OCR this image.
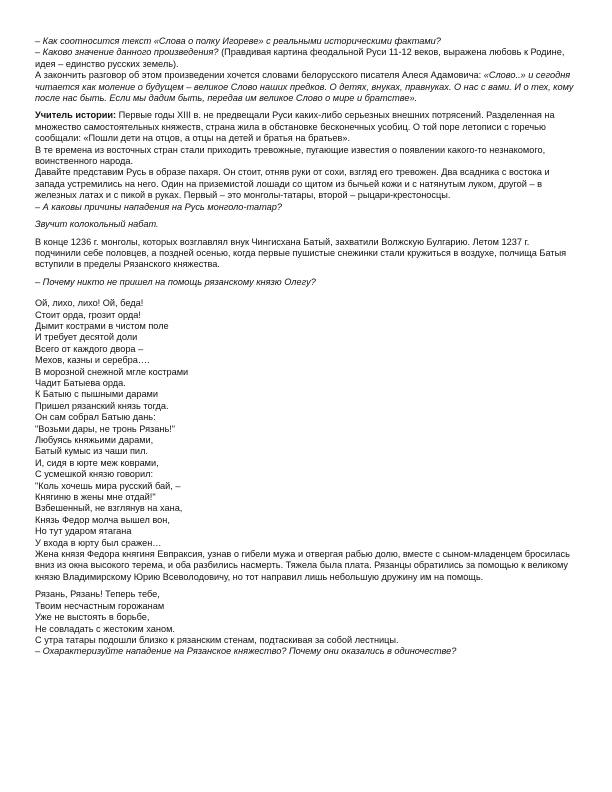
– Как соотносится текст «Слова о полку Игореве» с реальными историческими фактами?

– Каково значение данного произведения? (Правдивая картина феодальной Руси 11-12 веков, выражена любовь к Родине, идея – единство русских земель).

А закончить разговор об этом произведении хочется словами белорусского писателя Алеся Адамовича: «Слово..» и сегодня читается как моление о будущем – великое Слово наших предков. О детях, внуках, правнуках. О нас с вами. И о тех, кому после нас быть. Если мы дадим быть, передав им великое Слово о мире и братстве».

Учитель истории: Первые годы XIII в. не предвещали Руси каких-либо серьезных внешних потрясений. Разделенная на множество самостоятельных княжеств, страна жила в обстановке бесконечных усобиц. О той поре летописи с горечью сообщали: «Пошли дети на отцов, а отцы на детей и братья на братьев».

В те времена из восточных стран стали приходить тревожные, пугающие известия о появлении какого-то незнакомого, воинственного народа.

Давайте представим Русь в образе пахаря. Он стоит, отняв руки от сохи, взгляд его тревожен. Два всадника с востока и запада устремились на него. Один на приземистой лошади со щитом из бычьей кожи и с натянутым луком, другой – в железных латах и с пикой в руках. Первый – это монголы-татары, второй – рыцари-крестоносцы.

– А каковы причины нападения на Русь монголо-татар?

Звучит колокольный набат.

В конце 1236 г. монголы, которых возглавлял внук Чингисхана Батый, захватили Волжскую Булгарию. Летом 1237 г. подчинили себе половцев, а поздней осенью, когда первые пушистые снежинки стали кружиться в воздухе, полчища Батыя вступили в пределы Рязанского княжества.

– Почему никто не пришел на помощь рязанскому князю Олегу?

Ой, лихо, лихо! Ой, беда!
Стоит орда, грозит орда!
Дымит кострами в чистом поле
И требует десятой доли
Всего от каждого двора –
Мехов, казны и серебра….
В морозной снежной мгле кострами
Чадит Батыева орда.
К Батыю с пышными дарами
Пришел рязанский князь тогда.
Он сам собрал Батыю дань:
"Возьми дары, не тронь Рязань!"
Любуясь княжьими дарами,
Батый кумыс из чаши пил.
И, сидя в юрте меж коврами,
С усмешкой князю говорил:
"Коль хочешь мира русский бай, –
Княгиню в жены мне отдай!"
Взбешенный, не взглянув на хана,
Князь Федор молча вышел вон,
Но тут ударом ятагана
У входа в юрту был сражен…

Жена князя Федора княгиня Евпраксия, узнав о гибели мужа и отвергая рабью долю, вместе с сыном-младенцем бросилась вниз из окна высокого терема, и оба разбились насмерть. Тяжела была плата. Рязанцы обратились за помощью к великому князю Владимирскому Юрию Всеволодовичу, но тот направил лишь небольшую дружину им на помощь.

Рязань, Рязань! Теперь тебе,
Твоим несчастным горожанам
Уже не выстоять в борьбе,
Не совладать с жестоким ханом.

С утра татары подошли близко к рязанским стенам, подтаскивая за собой лестницы.

– Охарактеризуйте нападение на Рязанское княжество? Почему они оказались в одиночестве?
